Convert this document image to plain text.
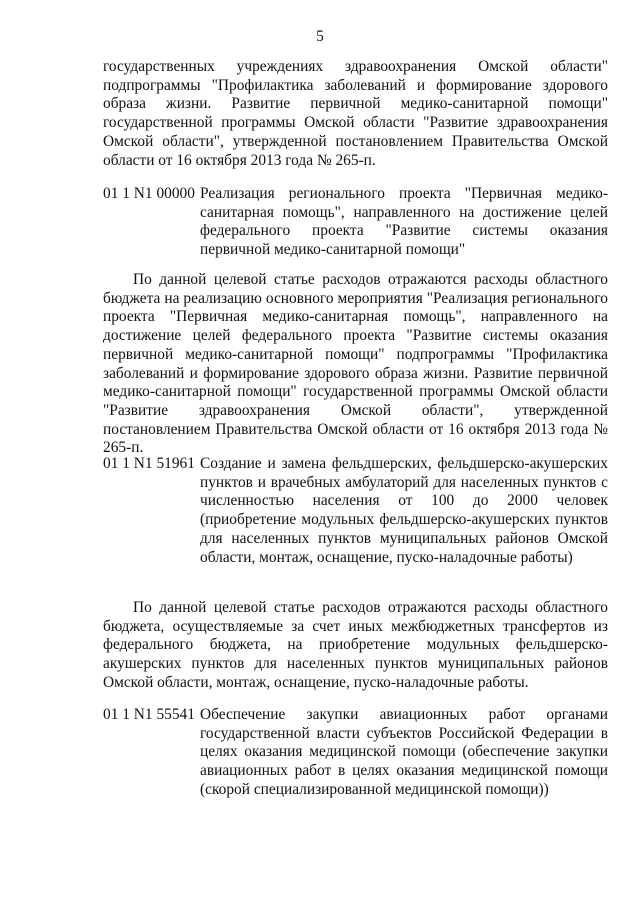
5

государственных учреждениях здравоохранения Омской области" подпрограммы "Профилактика заболеваний и формирование здорового образа жизни. Развитие первичной медико-санитарной помощи" государственной программы Омской области "Развитие здравоохранения Омской области", утвержденной постановлением Правительства Омской области от 16 октября 2013 года № 265-п.

01 1 N1 00000 Реализация регионального проекта "Первичная медико-санитарная помощь", направленного на достижение целей федерального проекта "Развитие системы оказания первичной медико-санитарной помощи"

По данной целевой статье расходов отражаются расходы областного бюджета на реализацию основного мероприятия "Реализация регионального проекта "Первичная медико-санитарная помощь", направленного на достижение целей федерального проекта "Развитие системы оказания первичной медико-санитарной помощи" подпрограммы "Профилактика заболеваний и формирование здорового образа жизни. Развитие первичной медико-санитарной помощи" государственной программы Омской области "Развитие здравоохранения Омской области", утвержденной постановлением Правительства Омской области от 16 октября 2013 года № 265-п.

01 1 N1 51961 Создание и замена фельдшерских, фельдшерско-акушерских пунктов и врачебных амбулаторий для населенных пунктов с численностью населения от 100 до 2000 человек (приобретение модульных фельдшерско-акушерских пунктов для населенных пунктов муниципальных районов Омской области, монтаж, оснащение, пуско-наладочные работы)

По данной целевой статье расходов отражаются расходы областного бюджета, осуществляемые за счет иных межбюджетных трансфертов из федерального бюджета, на приобретение модульных фельдшерско-акушерских пунктов для населенных пунктов муниципальных районов Омской области, монтаж, оснащение, пуско-наладочные работы.

01 1 N1 55541 Обеспечение закупки авиационных работ органами государственной власти субъектов Российской Федерации в целях оказания медицинской помощи (обеспечение закупки авиационных работ в целях оказания медицинской помощи (скорой специализированной медицинской помощи))
